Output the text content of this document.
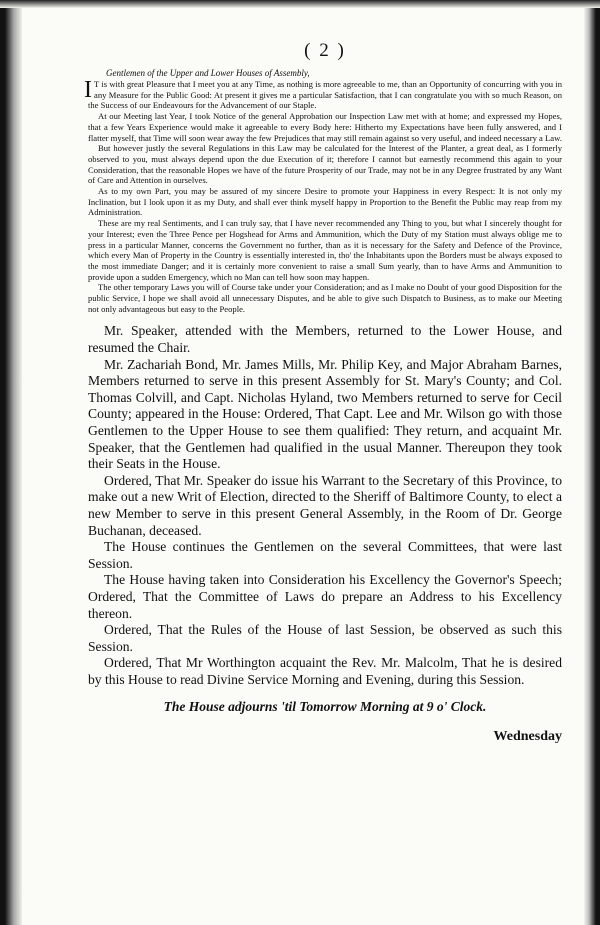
( 2 )
Gentlemen of the Upper and Lower Houses of Assembly,

I T is with great Pleasure that I meet you at any Time, as nothing is more agreeable to me, than an Opportunity of concurring with you in any Measure for the Public Good: At present it gives me a particular Satisfaction, that I can congratulate you with so much Reason, on the Success of our Endeavours for the Advancement of our Staple.

At our Meeting last Year, I took Notice of the general Approbation our Inspection Law met with at home; and expressed my Hopes, that a few Years Experience would make it agreeable to every Body here: Hitherto my Expectations have been fully answered, and I flatter myself, that Time will soon wear away the few Prejudices that may still remain against so very useful, and indeed necessary a Law.

But however justly the several Regulations in this Law may be calculated for the Interest of the Planter, a great deal, as I formerly observed to you, must always depend upon the due Execution of it; therefore I cannot but earnestly recommend this again to your Consideration, that the reasonable Hopes we have of the future Prosperity of our Trade, may not be in any Degree frustrated by any Want of Care and Attention in ourselves.

As to my own Part, you may be assured of my sincere Desire to promote your Happiness in every Respect: It is not only my Inclination, but I look upon it as my Duty, and shall ever think myself happy in Proportion to the Benefit the Public may reap from my Administration.

These are my real Sentiments, and I can truly say, that I have never recommended any Thing to you, but what I sincerely thought for your Interest; even the Three Pence per Hogshead for Arms and Ammunition, which the Duty of my Station must always oblige me to press in a particular Manner, concerns the Government no further, than as it is necessary for the Safety and Defence of the Province, which every Man of Property in the Country is essentially interested in, tho' the Inhabitants upon the Borders must be always exposed to the most immediate Danger; and it is certainly more convenient to raise a small Sum yearly, than to have Arms and Ammunition to provide upon a sudden Emergency, which no Man can tell how soon may happen.

The other temporary Laws you will of Course take under your Consideration; and as I make no Doubt of your good Disposition for the public Service, I hope we shall avoid all unnecessary Disputes, and be able to give such Dispatch to Business, as to make our Meeting not only advantageous but easy to the People.

Mr. Speaker, attended with the Members, returned to the Lower House, and resumed the Chair.

Mr. Zachariah Bond, Mr. James Mills, Mr. Philip Key, and Major Abraham Barnes, Members returned to serve in this present Assembly for St. Mary's County; and Col. Thomas Colvill, and Capt. Nicholas Hyland, two Members returned to serve for Cecil County; appeared in the House: Ordered, That Capt. Lee and Mr. Wilson go with those Gentlemen to the Upper House to see them qualified: They return, and acquaint Mr. Speaker, that the Gentlemen had qualified in the usual Manner. Thereupon they took their Seats in the House.

Ordered, That Mr. Speaker do issue his Warrant to the Secretary of this Province, to make out a new Writ of Election, directed to the Sheriff of Baltimore County, to elect a new Member to serve in this present General Assembly, in the Room of Dr. George Buchanan, deceased.

The House continues the Gentlemen on the several Committees, that were last Session.

The House having taken into Consideration his Excellency the Governor's Speech; Ordered, That the Committee of Laws do prepare an Address to his Excellency thereon.

Ordered, That the Rules of the House of last Session, be observed as such this Session.

Ordered, That Mr Worthington acquaint the Rev. Mr. Malcolm, That he is desired by this House to read Divine Service Morning and Evening, during this Session.

The House adjourns 'til Tomorrow Morning at 9 o' Clock.
Wednesday
